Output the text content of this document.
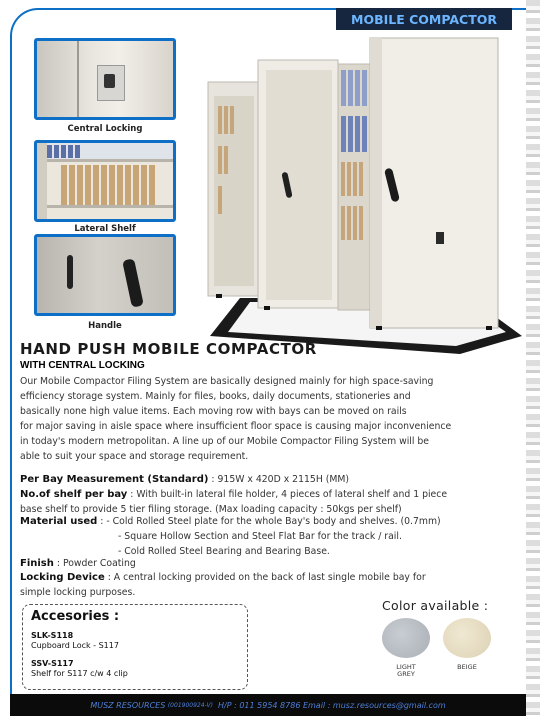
MOBILE COMPACTOR
Central Locking
Lateral Shelf
Handle
HAND PUSH MOBILE COMPACTOR
WITH CENTRAL LOCKING
Our Mobile Compactor Filing System are basically designed mainly for high space-saving
efficiency storage system. Mainly for files, books, daily documents, stationeries and
basically none high value items. Each moving row with bays can be moved on rails
for major saving in aisle space where insufficient floor space is causing major inconvenience
in today's modern metropolitan. A line up of our Mobile Compactor Filing System will be
able to suit your space and storage requirement.
Per Bay Measurement (Standard) : 915W x 420D x 2115H (MM)
No.of shelf per bay : With built-in lateral file holder, 4 pieces of lateral shelf and 1 piece
base shelf to provide 5 tier filing storage. (Max loading capacity : 50kgs per shelf)
Material used : - Cold Rolled Steel plate for the whole Bay's body and shelves. (0.7mm)
- Square Hollow Section and Steel Flat Bar for the track / rail.
- Cold Rolled Steel Bearing and Bearing Base.
Finish : Powder Coating
Locking Device : A central locking provided on the back of last single mobile bay for
simple locking purposes.
Accesories :
SLK-S118
Cupboard Lock - S117
SSV-S117
Shelf for S117 c/w 4 clip
Color available :
LIGHT
GREY
BEIGE
MUSZ RESOURCES
(001900924-V)
H/P : 011 5954 8786 Email : musz.resources@gmail.com
